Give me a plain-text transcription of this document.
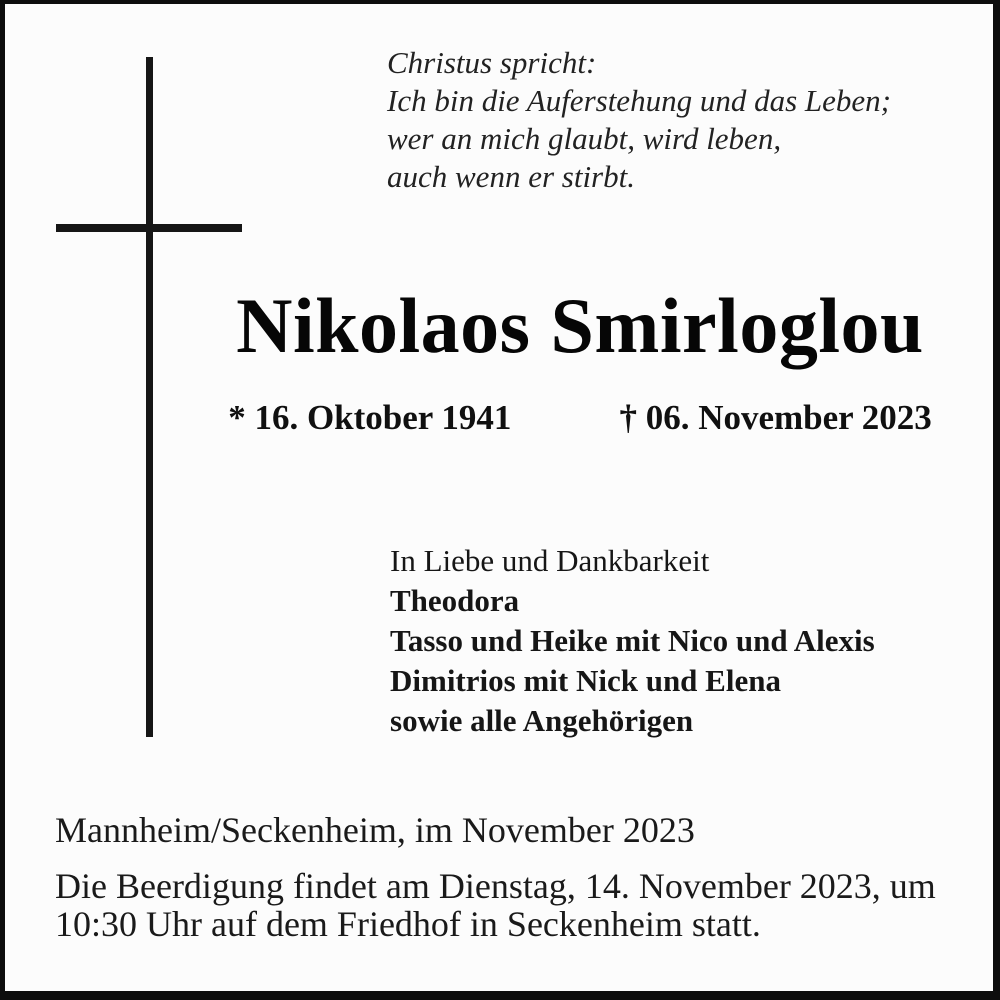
Christus spricht:
Ich bin die Auferstehung und das Leben;
wer an mich glaubt, wird leben,
auch wenn er stirbt.
Nikolaos Smirloglou
* 16. Oktober 1941	† 06. November 2023
In Liebe und Dankbarkeit
Theodora
Tasso und Heike mit Nico und Alexis
Dimitrios mit Nick und Elena
sowie alle Angehörigen
Mannheim/Seckenheim, im November 2023
Die Beerdigung findet am Dienstag, 14. November 2023, um
10:30 Uhr auf dem Friedhof in Seckenheim statt.
